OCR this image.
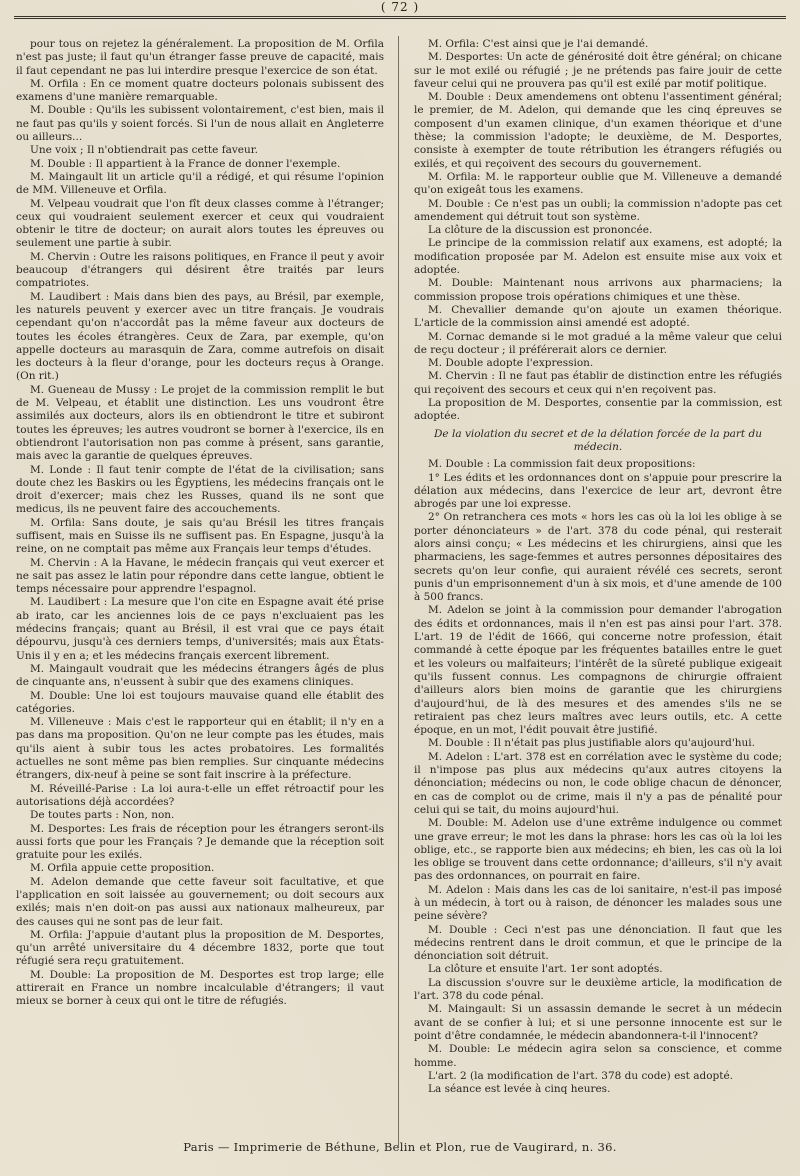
( 72 )

pour tous on rejetez la généralement. La proposition de M. Orfila n'est pas juste; il faut qu'un étranger fasse preuve de capacité, mais il faut cependant ne pas lui interdire presque l'exercice de son état.

M. Orfila : En ce moment quatre docteurs polonais subissent des examens d'une manière remarquable.

M. Double : Qu'ils les subissent volontairement, c'est bien, mais il ne faut pas qu'ils y soient forcés. Si l'un de nous allait en Angleterre ou ailleurs...

Une voix ; Il n'obtiendrait pas cette faveur.

M. Double : Il appartient à la France de donner l'exemple.

M. Maingault lit un article qu'il a rédigé, et qui résume l'opinion de MM. Villeneuve et Orfila.

M. Velpeau voudrait que l'on fît deux classes comme à l'étranger; ceux qui voudraient seulement exercer et ceux qui voudraient obtenir le titre de docteur; on aurait alors toutes les épreuves ou seulement une partie à subir.

M. Chervin : Outre les raisons politiques, en France il peut y avoir beaucoup d'étrangers qui désirent être traités par leurs compatriotes.

M. Laudibert : Mais dans bien des pays, au Brésil, par exemple, les naturels peuvent y exercer avec un titre français. Je voudrais cependant qu'on n'accordât pas la même faveur aux docteurs de toutes les écoles étrangères. Ceux de Zara, par exemple, qu'on appelle docteurs au marasquin de Zara, comme autrefois on disait les docteurs à la fleur d'orange, pour les docteurs reçus à Orange. (On rit.)

M. Gueneau de Mussy : Le projet de la commission remplit le but de M. Velpeau, et établit une distinction. Les uns voudront être assimilés aux docteurs, alors ils en obtiendront le titre et subiront toutes les épreuves; les autres voudront se borner à l'exercice, ils en obtiendront l'autorisation non pas comme à présent, sans garantie, mais avec la garantie de quelques épreuves.

M. Londe : Il faut tenir compte de l'état de la civilisation; sans doute chez les Baskirs ou les Égyptiens, les médecins français ont le droit d'exercer; mais chez les Russes, quand ils ne sont que medicus, ils ne peuvent faire des accouchements.

M. Orfila: Sans doute, je sais qu'au Brésil les titres français suffisent, mais en Suisse ils ne suffisent pas. En Espagne, jusqu'à la reine, on ne comptait pas même aux Français leur temps d'études.

M. Chervin : A la Havane, le médecin français qui veut exercer et ne sait pas assez le latin pour répondre dans cette langue, obtient le temps nécessaire pour apprendre l'espagnol.

M. Laudibert : La mesure que l'on cite en Espagne avait été prise ab irato, car les anciennes lois de ce pays n'excluaient pas les médecins français; quant au Brésil, il est vrai que ce pays était dépourvu, jusqu'à ces derniers temps, d'universités; mais aux États-Unis il y en a; et les médecins français exercent librement.

M. Maingault voudrait que les médecins étrangers âgés de plus de cinquante ans, n'eussent à subir que des examens cliniques.

M. Double: Une loi est toujours mauvaise quand elle établit des catégories.

M. Villeneuve : Mais c'est le rapporteur qui en établit; il n'y en a pas dans ma proposition. Qu'on ne leur compte pas les études, mais qu'ils aient à subir tous les actes probatoires. Les formalités actuelles ne sont même pas bien remplies. Sur cinquante médecins étrangers, dix-neuf à peine se sont fait inscrire à la préfecture.

M. Réveillé-Parise : La loi aura-t-elle un effet rétroactif pour les autorisations déjà accordées?

De toutes parts : Non, non.

M. Desportes: Les frais de réception pour les étrangers seront-ils aussi forts que pour les Français ? Je demande que la réception soit gratuite pour les exilés.

M. Orfila appuie cette proposition.

M. Adelon demande que cette faveur soit facultative, et que l'application en soit laissée au gouvernement; ou doit secours aux exilés; mais n'en doit-on pas aussi aux nationaux malheureux, par des causes qui ne sont pas de leur fait.

M. Orfila: J'appuie d'autant plus la proposition de M. Desportes, qu'un arrêté universitaire du 4 décembre 1832, porte que tout réfugié sera reçu gratuitement.

M. Double: La proposition de M. Desportes est trop large; elle attirerait en France un nombre incalculable d'étrangers; il vaut mieux se borner à ceux qui ont le titre de réfugiés.

M. Orfila: C'est ainsi que je l'ai demandé.

M. Desportes: Un acte de générosité doit être général; on chicane sur le mot exilé ou réfugié ; je ne prétends pas faire jouir de cette faveur celui qui ne prouvera pas qu'il est exilé par motif politique.

M. Double : Deux amendemens ont obtenu l'assentiment général; le premier, de M. Adelon, qui demande que les cinq épreuves se composent d'un examen clinique, d'un examen théorique et d'une thèse; la commission l'adopte; le deuxième, de M. Desportes, consiste à exempter de toute rétribution les étrangers réfugiés ou exilés, et qui reçoivent des secours du gouvernement.

M. Orfila: M. le rapporteur oublie que M. Villeneuve a demandé qu'on exigeât tous les examens.

M. Double : Ce n'est pas un oubli; la commission n'adopte pas cet amendement qui détruit tout son système.

La clôture de la discussion est prononcée.

Le principe de la commission relatif aux examens, est adopté; la modification proposée par M. Adelon est ensuite mise aux voix et adoptée.

M. Double: Maintenant nous arrivons aux pharmaciens; la commission propose trois opérations chimiques et une thèse.

M. Chevallier demande qu'on ajoute un examen théorique. L'article de la commission ainsi amendé est adopté.

M. Cornac demande si le mot gradué a la même valeur que celui de reçu docteur ; il préférerait alors ce dernier.

M. Double adopte l'expression.

M. Chervin : Il ne faut pas établir de distinction entre les réfugiés qui reçoivent des secours et ceux qui n'en reçoivent pas.

La proposition de M. Desportes, consentie par la commission, est adoptée.

De la violation du secret et de la délation forcée de la part du médecin.

M. Double : La commission fait deux propositions:

1° Les édits et les ordonnances dont on s'appuie pour prescrire la délation aux médecins, dans l'exercice de leur art, devront être abrogés par une loi expresse.

2° On retranchera ces mots « hors les cas où la loi les oblige à se porter dénonciateurs » de l'art. 378 du code pénal, qui resterait alors ainsi conçu; « Les médecins et les chirurgiens, ainsi que les pharmaciens, les sage-femmes et autres personnes dépositaires des secrets qu'on leur confie, qui auraient révélé ces secrets, seront punis d'un emprisonnement d'un à six mois, et d'une amende de 100 à 500 francs.

M. Adelon se joint à la commission pour demander l'abrogation des édits et ordonnances, mais il n'en est pas ainsi pour l'art. 378. L'art. 19 de l'édit de 1666, qui concerne notre profession, était commandé à cette époque par les fréquentes batailles entre le guet et les voleurs ou malfaiteurs; l'intérêt de la sûreté publique exigeait qu'ils fussent connus. Les compagnons de chirurgie offraient d'ailleurs alors bien moins de garantie que les chirurgiens d'aujourd'hui, de là des mesures et des amendes s'ils ne se retiraient pas chez leurs maîtres avec leurs outils, etc. A cette époque, en un mot, l'édit pouvait être justifié.

M. Double : Il n'était pas plus justifiable alors qu'aujourd'hui.

M. Adelon : L'art. 378 est en corrélation avec le système du code; il n'impose pas plus aux médecins qu'aux autres citoyens la dénonciation; médecins ou non, le code oblige chacun de dénoncer, en cas de complot ou de crime, mais il n'y a pas de pénalité pour celui qui se tait, du moins aujourd'hui.

M. Double: M. Adelon use d'une extrême indulgence ou commet une grave erreur; le mot les dans la phrase: hors les cas où la loi les oblige, etc., se rapporte bien aux médecins; eh bien, les cas où la loi les oblige se trouvent dans cette ordonnance; d'ailleurs, s'il n'y avait pas des ordonnances, on pourrait en faire.

M. Adelon : Mais dans les cas de loi sanitaire, n'est-il pas imposé à un médecin, à tort ou à raison, de dénoncer les malades sous une peine sévère?

M. Double : Ceci n'est pas une dénonciation. Il faut que les médecins rentrent dans le droit commun, et que le principe de la dénonciation soit détruit.

La clôture et ensuite l'art. 1er sont adoptés.

La discussion s'ouvre sur le deuxième article, la modification de l'art. 378 du code pénal.

M. Maingault: Si un assassin demande le secret à un médecin avant de se confier à lui; et si une personne innocente est sur le point d'être condamnée, le médecin abandonnera-t-il l'innocent?

M. Double: Le médecin agira selon sa conscience, et comme homme.

L'art. 2 (la modification de l'art. 378 du code) est adopté.

La séance est levée à cinq heures.

Paris — Imprimerie de Béthune, Belin et Plon, rue de Vaugirard, n. 36.
